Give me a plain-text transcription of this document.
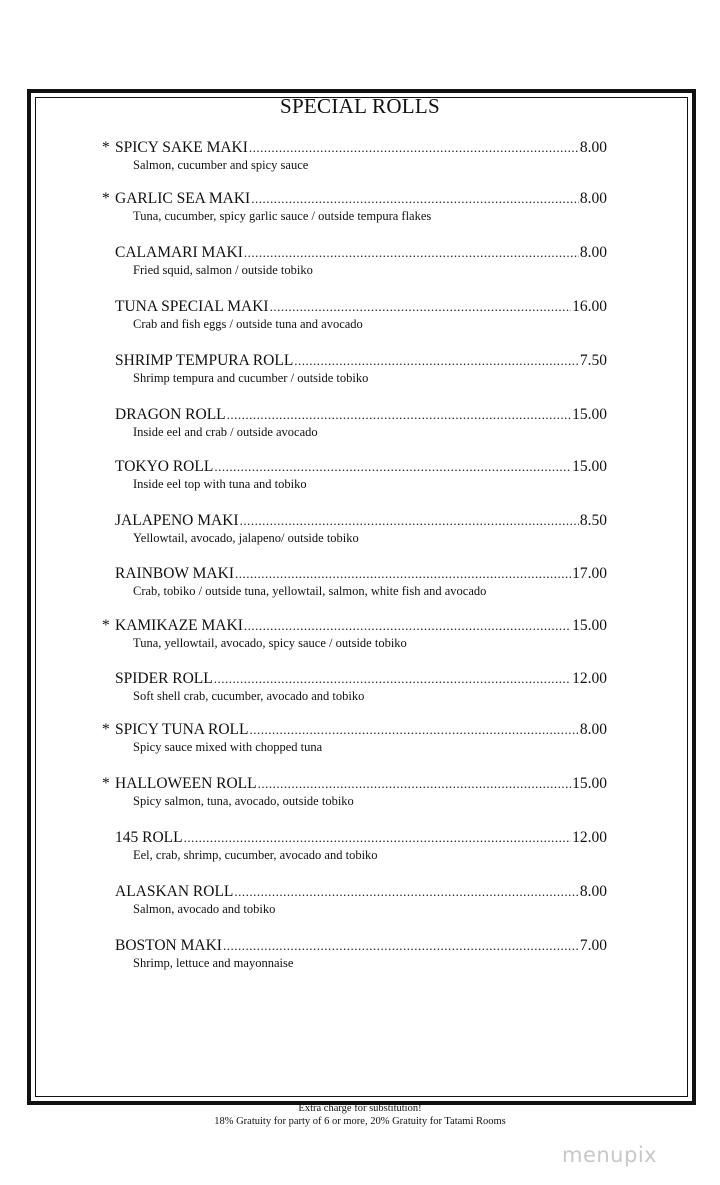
SPECIAL ROLLS
* SPICY SAKE MAKI .....	8.00
Salmon, cucumber and spicy sauce
* GARLIC SEA MAKI .....	8.00
Tuna, cucumber, spicy garlic sauce / outside tempura flakes
CALAMARI MAKI .....	8.00
Fried squid, salmon / outside tobiko
TUNA SPECIAL MAKI .....	16.00
Crab and fish eggs / outside tuna and avocado
SHRIMP TEMPURA ROLL .....	7.50
Shrimp tempura and cucumber / outside tobiko
DRAGON ROLL .....	15.00
Inside eel and crab / outside avocado
TOKYO ROLL .....	15.00
Inside eel top with tuna and tobiko
JALAPENO MAKI .....	8.50
Yellowtail, avocado, jalapeno/ outside tobiko
RAINBOW MAKI .....	17.00
Crab, tobiko / outside tuna, yellowtail, salmon, white fish and avocado
* KAMIKAZE MAKI .....	15.00
Tuna, yellowtail, avocado, spicy sauce / outside tobiko
SPIDER ROLL .....	12.00
Soft shell crab, cucumber, avocado and tobiko
* SPICY TUNA ROLL .....	8.00
Spicy sauce mixed with chopped tuna
* HALLOWEEN ROLL .....	15.00
Spicy salmon, tuna, avocado, outside tobiko
145 ROLL .....	12.00
Eel, crab, shrimp, cucumber, avocado and tobiko
ALASKAN ROLL .....	8.00
Salmon, avocado and tobiko
BOSTON MAKI .....	7.00
Shrimp, lettuce and mayonnaise
Extra charge for substitution!
18% Gratuity for party of 6 or more, 20% Gratuity for Tatami Rooms
menupix
